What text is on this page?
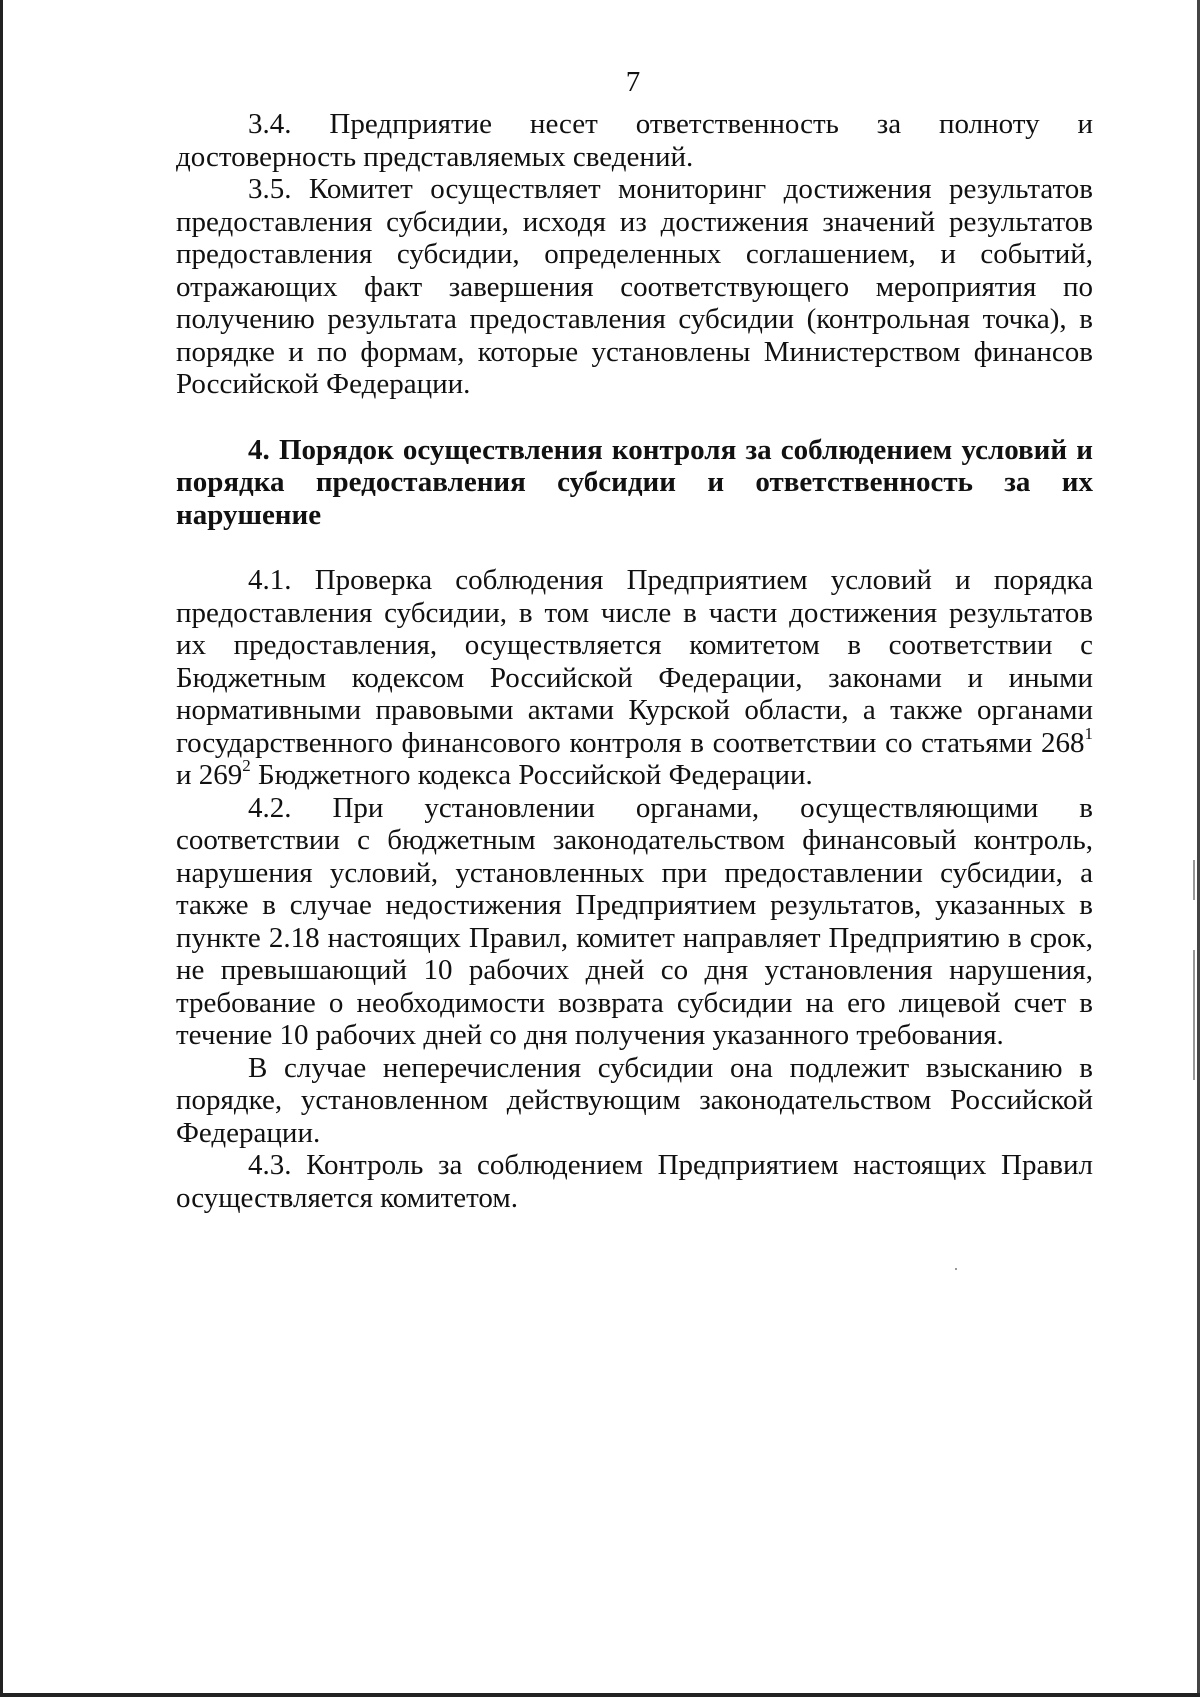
7

3.4. Предприятие несет ответственность за полноту и достоверность представляемых сведений.

3.5. Комитет осуществляет мониторинг достижения результатов предоставления субсидии, исходя из достижения значений результатов предоставления субсидии, определенных соглашением, и событий, отражающих факт завершения соответствующего мероприятия по получению результата предоставления субсидии (контрольная точка), в порядке и по формам, которые установлены Министерством финансов Российской Федерации.

4. Порядок осуществления контроля за соблюдением условий и порядка предоставления субсидии и ответственность за их нарушение

4.1. Проверка соблюдения Предприятием условий и порядка предоставления субсидии, в том числе в части достижения результатов их предоставления, осуществляется комитетом в соответствии с Бюджетным кодексом Российской Федерации, законами и иными нормативными правовыми актами Курской области, а также органами государственного финансового контроля в соответствии со статьями $268^1$ и $269^2$ Бюджетного кодекса Российской Федерации.

4.2. При установлении органами, осуществляющими в соответствии с бюджетным законодательством финансовый контроль, нарушения условий, установленных при предоставлении субсидии, а также в случае недостижения Предприятием результатов, указанных в пункте 2.18 настоящих Правил, комитет направляет Предприятию в срок, не превышающий 10 рабочих дней со дня установления нарушения, требование о необходимости возврата субсидии на его лицевой счет в течение 10 рабочих дней со дня получения указанного требования.

В случае неперечисления субсидии она подлежит взысканию в порядке, установленном действующим законодательством Российской Федерации.

4.3. Контроль за соблюдением Предприятием настоящих Правил осуществляется комитетом.
